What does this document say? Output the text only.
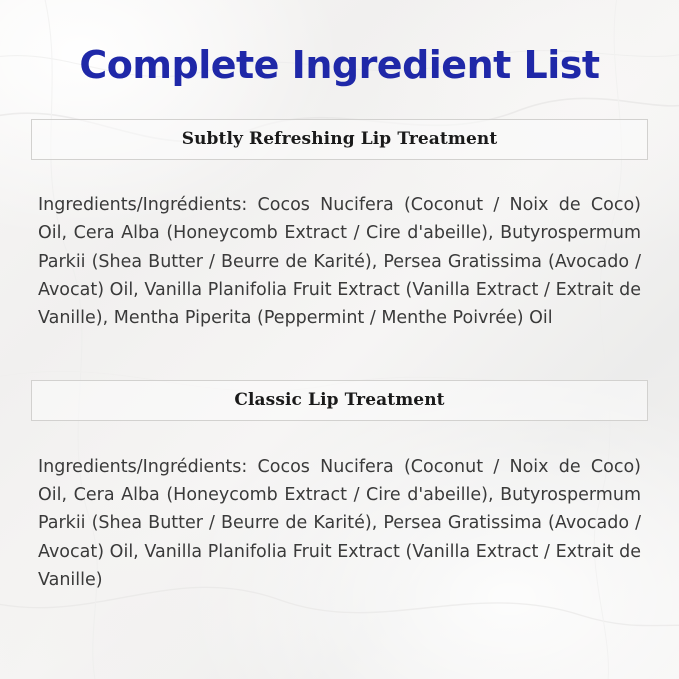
Complete Ingredient List
Subtly Refreshing Lip Treatment

Ingredients/Ingrédients: Cocos Nucifera (Coconut / Noix de Coco) Oil, Cera Alba (Honeycomb Extract / Cire d'abeille), Butyrospermum Parkii (Shea Butter / Beurre de Karité), Persea Gratissima (Avocado / Avocat) Oil, Vanilla Planifolia Fruit Extract (Vanilla Extract / Extrait de Vanille), Mentha Piperita (Peppermint / Menthe Poivrée) Oil

Classic Lip Treatment

Ingredients/Ingrédients: Cocos Nucifera (Coconut / Noix de Coco) Oil, Cera Alba (Honeycomb Extract / Cire d'abeille), Butyrospermum Parkii (Shea Butter / Beurre de Karité), Persea Gratissima (Avocado / Avocat) Oil, Vanilla Planifolia Fruit Extract (Vanilla Extract / Extrait de Vanille)
